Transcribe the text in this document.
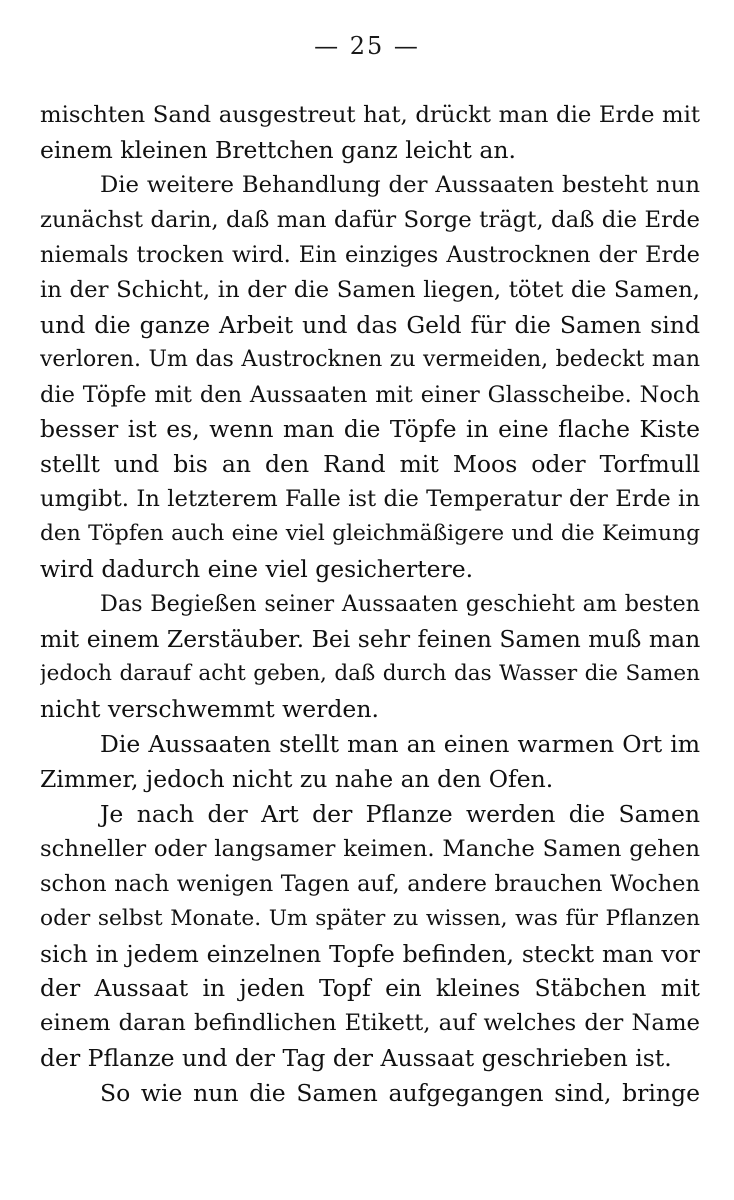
— 25 —
mischten Sand ausgestreut hat, drückt man die Erde mit
einem kleinen Brettchen ganz leicht an.
Die weitere Behandlung der Aussaaten besteht nun
zunächst darin, daß man dafür Sorge trägt, daß die Erde
niemals trocken wird. Ein einziges Austrocknen der Erde
in der Schicht, in der die Samen liegen, tötet die Samen,
und die ganze Arbeit und das Geld für die Samen sind
verloren. Um das Austrocknen zu vermeiden, bedeckt man
die Töpfe mit den Aussaaten mit einer Glasscheibe. Noch
besser ist es, wenn man die Töpfe in eine flache Kiste
stellt und bis an den Rand mit Moos oder Torfmull
umgibt. In letzterem Falle ist die Temperatur der Erde in
den Töpfen auch eine viel gleichmäßigere und die Keimung
wird dadurch eine viel gesichertere.
Das Begießen seiner Aussaaten geschieht am besten
mit einem Zerstäuber. Bei sehr feinen Samen muß man
jedoch darauf acht geben, daß durch das Wasser die Samen
nicht verschwemmt werden.
Die Aussaaten stellt man an einen warmen Ort im
Zimmer, jedoch nicht zu nahe an den Ofen.
Je nach der Art der Pflanze werden die Samen
schneller oder langsamer keimen. Manche Samen gehen
schon nach wenigen Tagen auf, andere brauchen Wochen
oder selbst Monate. Um später zu wissen, was für Pflanzen
sich in jedem einzelnen Topfe befinden, steckt man vor
der Aussaat in jeden Topf ein kleines Stäbchen mit
einem daran befindlichen Etikett, auf welches der Name
der Pflanze und der Tag der Aussaat geschrieben ist.
So wie nun die Samen aufgegangen sind, bringe
